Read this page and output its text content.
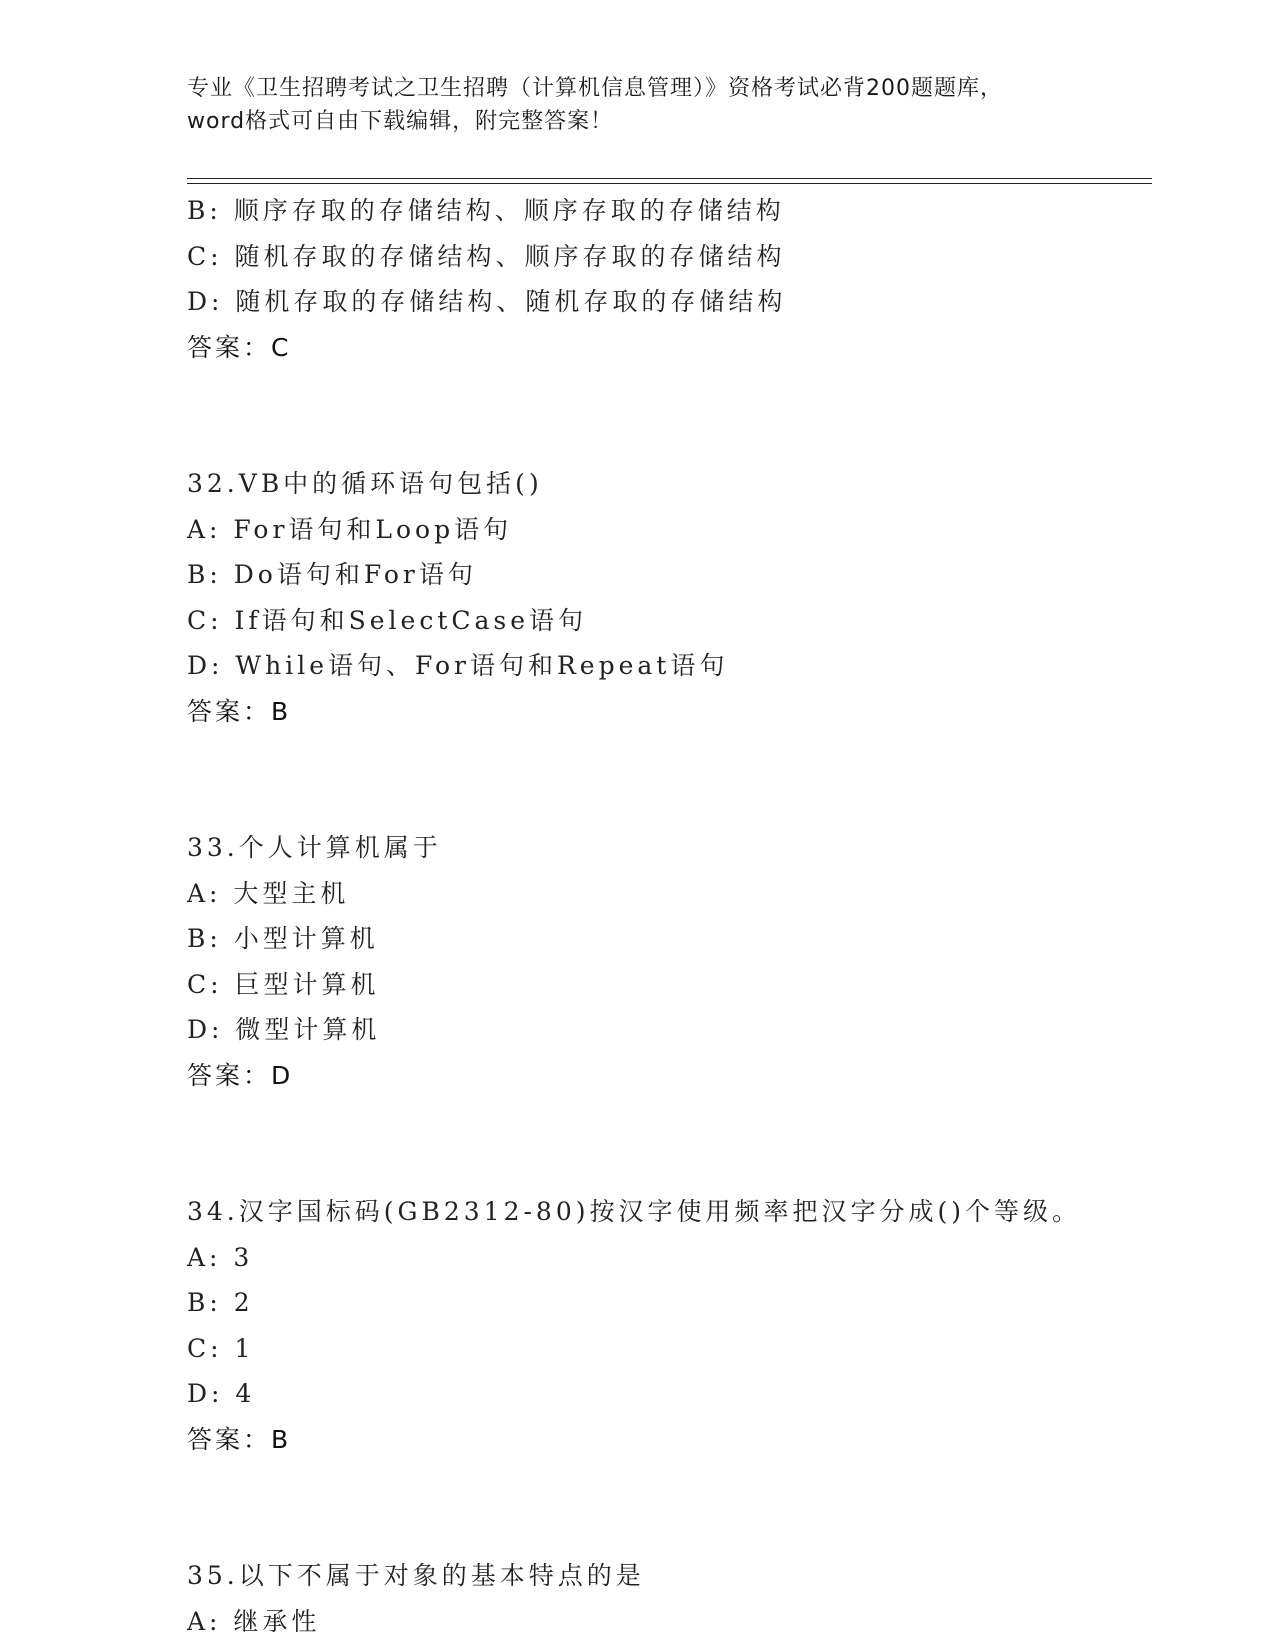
专业《卫生招聘考试之卫生招聘（计算机信息管理）》资格考试必背200题题库，
word格式可自由下载编辑，附完整答案！
B: 顺序存取的存储结构、顺序存取的存储结构
C: 随机存取的存储结构、顺序存取的存储结构
D: 随机存取的存储结构、随机存取的存储结构
答案：C
32.VB中的循环语句包括()
A: For语句和Loop语句
B: Do语句和For语句
C: If语句和SelectCase语句
D: While语句、For语句和Repeat语句
答案：B
33.个人计算机属于
A: 大型主机
B: 小型计算机
C: 巨型计算机
D: 微型计算机
答案：D
34.汉字国标码(GB2312-80)按汉字使用频率把汉字分成()个等级。
A: 3
B: 2
C: 1
D: 4
答案：B
35.以下不属于对象的基本特点的是
A: 继承性
